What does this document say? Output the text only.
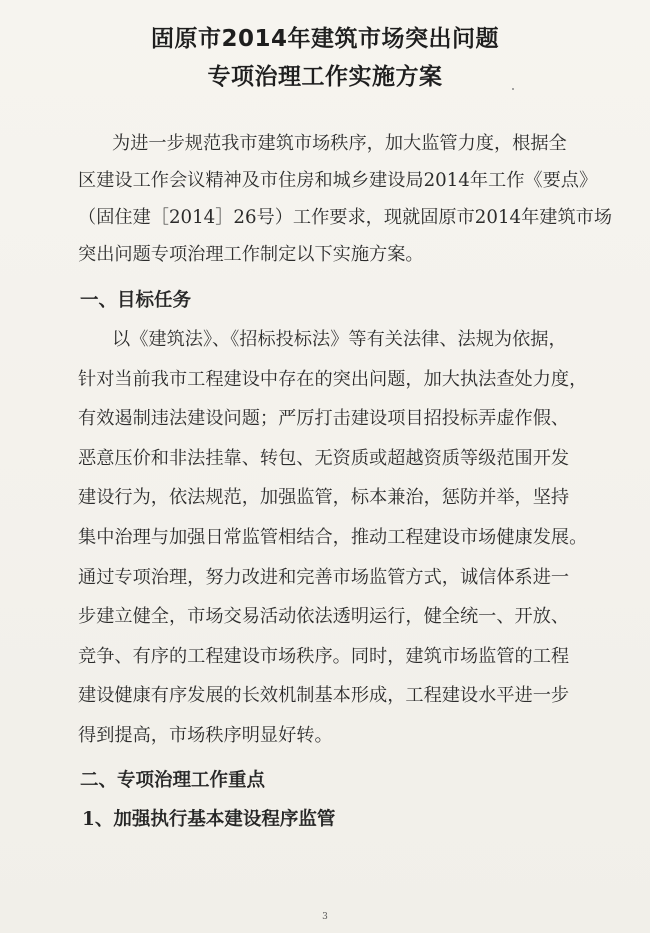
固原市2014年建筑市场突出问题
专项治理工作实施方案
为进一步规范我市建筑市场秩序，加大监管力度，根据全
区建设工作会议精神及市住房和城乡建设局2014年工作《要点》
（固住建［2014］26号）工作要求，现就固原市2014年建筑市场
突出问题专项治理工作制定以下实施方案。
一、目标任务
以《建筑法》、《招标投标法》等有关法律、法规为依据，
针对当前我市工程建设中存在的突出问题，加大执法查处力度，
有效遏制违法建设问题；严厉打击建设项目招投标弄虚作假、
恶意压价和非法挂靠、转包、无资质或超越资质等级范围开发
建设行为，依法规范，加强监管，标本兼治，惩防并举，坚持
集中治理与加强日常监管相结合，推动工程建设市场健康发展。
通过专项治理，努力改进和完善市场监管方式，诚信体系进一
步建立健全，市场交易活动依法透明运行，健全统一、开放、
竞争、有序的工程建设市场秩序。同时，建筑市场监管的工程
建设健康有序发展的长效机制基本形成，工程建设水平进一步
得到提高，市场秩序明显好转。
二、专项治理工作重点
1、加强执行基本建设程序监管
3
